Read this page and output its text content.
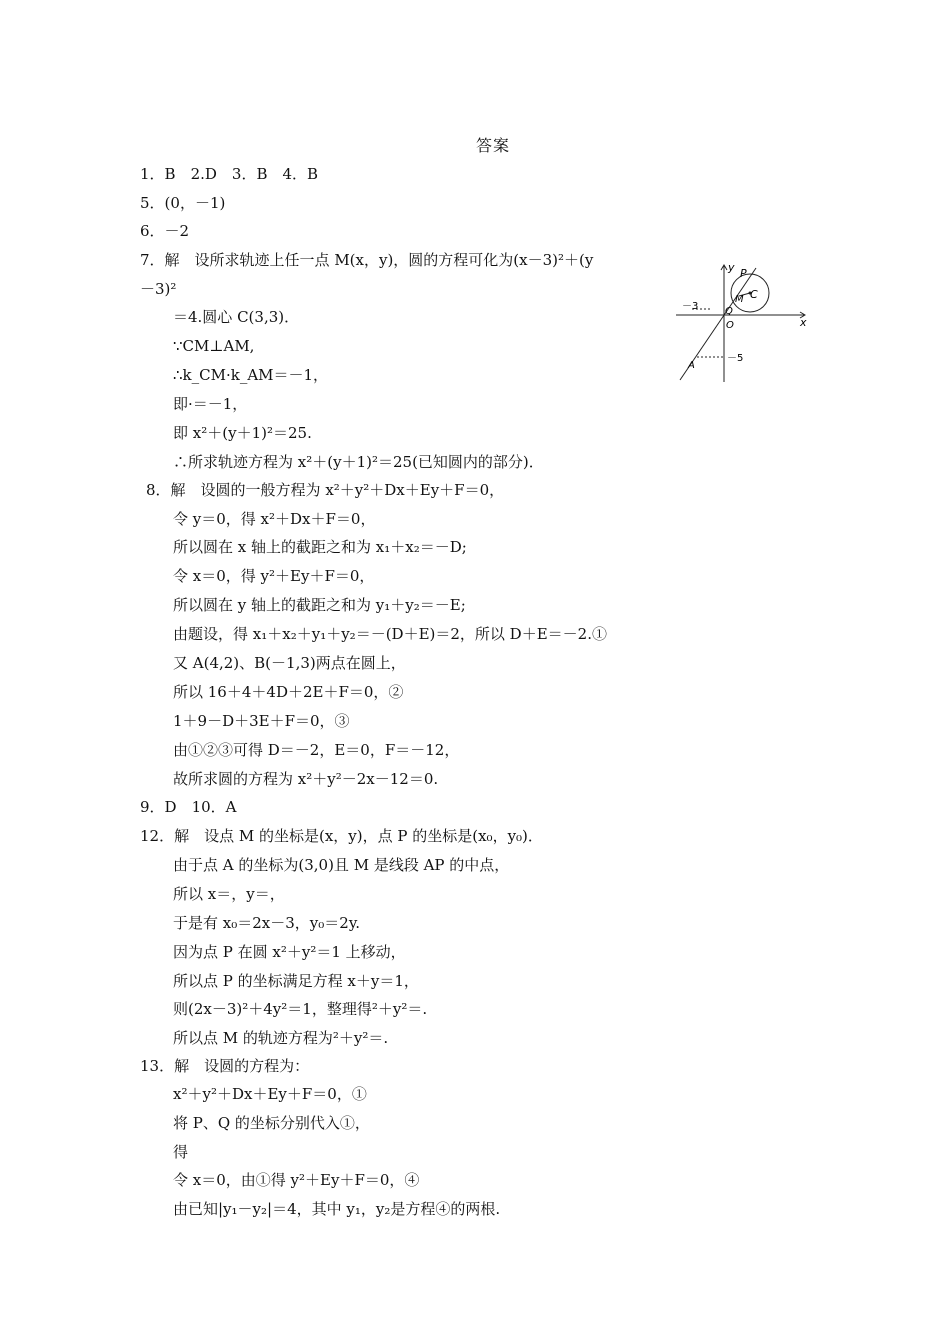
答案
1．B　2.D　3．B　4．B
5．(0，－1)
6．－2
7．解　设所求轨迹上任一点 M(x，y)，圆的方程可化为(x－3)²＋(y
－3)²
＝4.圆心 C(3,3)．
∵CM⊥AM,
∴k_CM·k_AM＝－1，
即·＝－1，
即 x²＋(y＋1)²＝25.
∴所求轨迹方程为 x²＋(y＋1)²＝25(已知圆内的部分)．
8．解　设圆的一般方程为 x²＋y²＋Dx＋Ey＋F＝0，
令 y＝0，得 x²＋Dx＋F＝0，
所以圆在 x 轴上的截距之和为 x₁＋x₂＝－D;
令 x＝0，得 y²＋Ey＋F＝0，
所以圆在 y 轴上的截距之和为 y₁＋y₂＝－E;
由题设，得 x₁＋x₂＋y₁＋y₂＝－(D＋E)＝2，所以 D＋E＝－2.①
又 A(4,2)、B(－1,3)两点在圆上，
所以 16＋4＋4D＋2E＋F＝0，②
1＋9－D＋3E＋F＝0，③
由①②③可得 D＝－2，E＝0，F＝－12，
故所求圆的方程为 x²＋y²－2x－12＝0.
9．D　10．A
12．解　设点 M 的坐标是(x，y)，点 P 的坐标是(x₀，y₀)．
由于点 A 的坐标为(3,0)且 M 是线段 AP 的中点，
所以 x＝，y＝，
于是有 x₀＝2x－3，y₀＝2y.
因为点 P 在圆 x²＋y²＝1 上移动，
所以点 P 的坐标满足方程 x＋y＝1，
则(2x－3)²＋4y²＝1，整理得²＋y²＝.
所以点 M 的轨迹方程为²＋y²＝.
13．解　设圆的方程为：
x²＋y²＋Dx＋Ey＋F＝0，①
将 P、Q 的坐标分别代入①，
得
令 x＝0，由①得 y²＋Ey＋F＝0，④
由已知|y₁－y₂|＝4，其中 y₁，y₂是方程④的两根.
y
x
P
M C
Q
O
A
－3
－5
